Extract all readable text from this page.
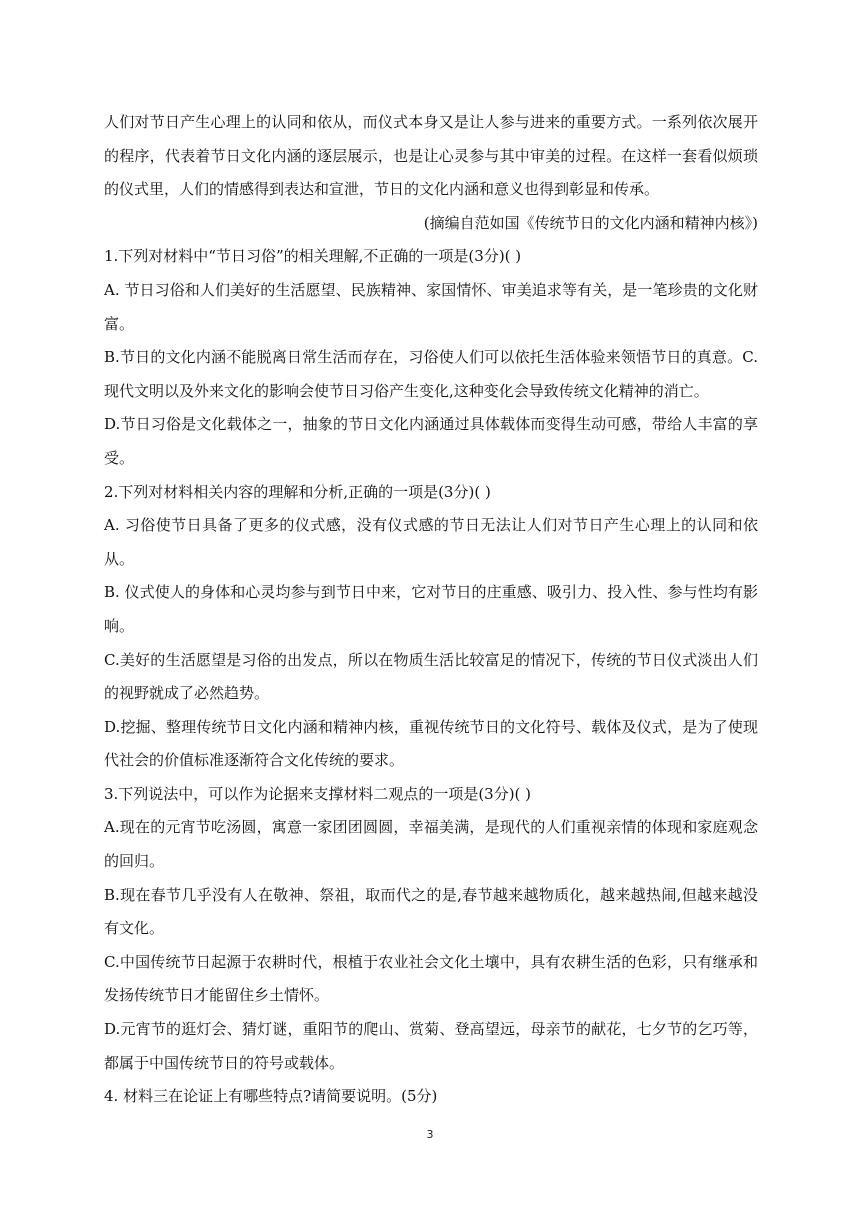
人们对节日产生心理上的认同和依从，而仪式本身又是让人参与进来的重要方式。一系列依次展开
的程序，代表着节日文化内涵的逐层展示，也是让心灵参与其中审美的过程。在这样一套看似烦琐
的仪式里，人们的情感得到表达和宣泄，节日的文化内涵和意义也得到彰显和传承。
(摘编自范如国《传统节日的文化内涵和精神内核》)
1.下列对材料中“节日习俗”的相关理解,不正确的一项是(3分)( )
A. 节日习俗和人们美好的生活愿望、民族精神、家国情怀、审美追求等有关，是一笔珍贵的文化财
富。
B.节日的文化内涵不能脱离日常生活而存在，习俗使人们可以依托生活体验来领悟节日的真意。C.
现代文明以及外来文化的影响会使节日习俗产生变化,这种变化会导致传统文化精神的消亡。
D.节日习俗是文化载体之一，抽象的节日文化内涵通过具体载体而变得生动可感，带给人丰富的享
受。
2.下列对材料相关内容的理解和分析,正确的一项是(3分)( )
A. 习俗使节日具备了更多的仪式感，没有仪式感的节日无法让人们对节日产生心理上的认同和依
从。
B. 仪式使人的身体和心灵均参与到节日中来，它对节日的庄重感、吸引力、投入性、参与性均有影
响。
C.美好的生活愿望是习俗的出发点，所以在物质生活比较富足的情况下，传统的节日仪式淡出人们
的视野就成了必然趋势。
D.挖掘、整理传统节日文化内涵和精神内核，重视传统节日的文化符号、载体及仪式，是为了使现
代社会的价值标准逐渐符合文化传统的要求。
3.下列说法中，可以作为论据来支撑材料二观点的一项是(3分)( )
A.现在的元宵节吃汤圆，寓意一家团团圆圆，幸福美满，是现代的人们重视亲情的体现和家庭观念
的回归。
B.现在春节几乎没有人在敬神、祭祖，取而代之的是,春节越来越物质化，越来越热闹,但越来越没
有文化。
C.中国传统节日起源于农耕时代，根植于农业社会文化土壤中，具有农耕生活的色彩，只有继承和
发扬传统节日才能留住乡土情怀。
D.元宵节的逛灯会、猜灯谜，重阳节的爬山、赏菊、登高望远，母亲节的献花，七夕节的乞巧等，
都属于中国传统节日的符号或载体。
4. 材料三在论证上有哪些特点?请简要说明。(5分)
3
